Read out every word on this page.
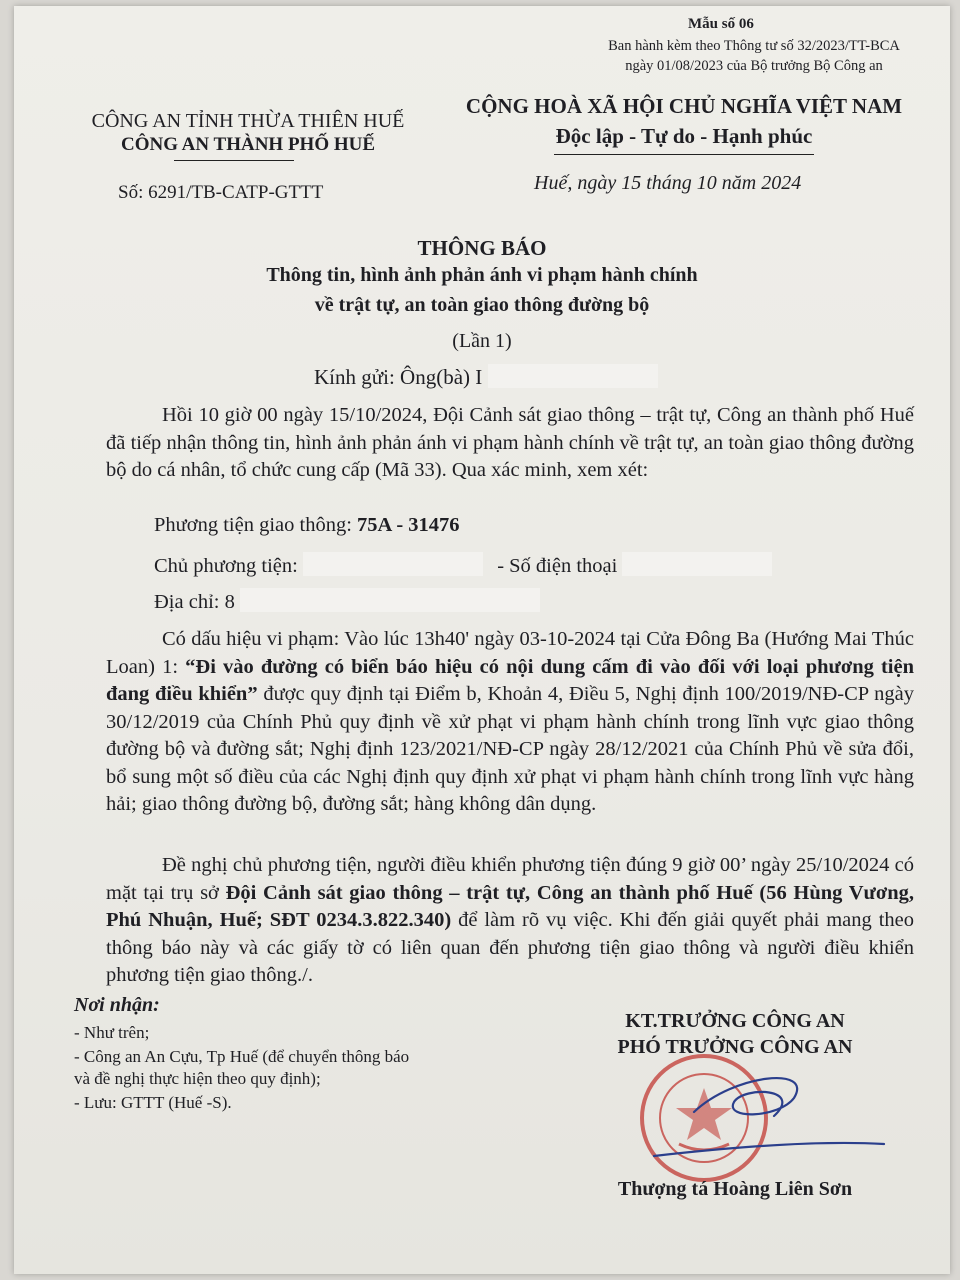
Mẫu số 06
Ban hành kèm theo Thông tư số 32/2023/TT-BCA
ngày 01/08/2023 của Bộ trưởng Bộ Công an
CÔNG AN TỈNH THỪA THIÊN HUẾ
CÔNG AN THÀNH PHỐ HUẾ
CỘNG HOÀ XÃ HỘI CHỦ NGHĨA VIỆT NAM
Độc lập - Tự do - Hạnh phúc
Số: 6291/TB-CATP-GTTT	Huế, ngày 15 tháng 10 năm 2024
THÔNG BÁO
Thông tin, hình ảnh phản ánh vi phạm hành chính
về trật tự, an toàn giao thông đường bộ
(Lần 1)
Kính gửi: Ông(bà) I
Hồi 10 giờ 00 ngày 15/10/2024, Đội Cảnh sát giao thông – trật tự, Công an thành phố Huế đã tiếp nhận thông tin, hình ảnh phản ánh vi phạm hành chính về trật tự, an toàn giao thông đường bộ do cá nhân, tổ chức cung cấp (Mã 33). Qua xác minh, xem xét:
Phương tiện giao thông: 75A - 31476
Chủ phương tiện:	- Số điện thoại
Địa chỉ: 8
Có dấu hiệu vi phạm: Vào lúc 13h40' ngày 03-10-2024 tại Cửa Đông Ba (Hướng Mai Thúc Loan) 1: “Đi vào đường có biển báo hiệu có nội dung cấm đi vào đối với loại phương tiện đang điều khiển” được quy định tại Điểm b, Khoản 4, Điều 5, Nghị định 100/2019/NĐ-CP ngày 30/12/2019 của Chính Phủ quy định về xử phạt vi phạm hành chính trong lĩnh vực giao thông đường bộ và đường sắt; Nghị định 123/2021/NĐ-CP ngày 28/12/2021 của Chính Phủ về sửa đổi, bổ sung một số điều của các Nghị định quy định xử phạt vi phạm hành chính trong lĩnh vực hàng hải; giao thông đường bộ, đường sắt; hàng không dân dụng.
Đề nghị chủ phương tiện, người điều khiển phương tiện đúng 9 giờ 00’ ngày 25/10/2024 có mặt tại trụ sở Đội Cảnh sát giao thông – trật tự, Công an thành phố Huế (56 Hùng Vương, Phú Nhuận, Huế; SĐT 0234.3.822.340) để làm rõ vụ việc. Khi đến giải quyết phải mang theo thông báo này và các giấy tờ có liên quan đến phương tiện giao thông và người điều khiển phương tiện giao thông./.
Nơi nhận:
- Như trên;
- Công an An Cựu, Tp Huế (để chuyển thông báo
và đề nghị thực hiện theo quy định);
- Lưu: GTTT (Huế -S).
KT.TRƯỞNG CÔNG AN
PHÓ TRƯỞNG CÔNG AN
Thượng tá Hoàng Liên Sơn
